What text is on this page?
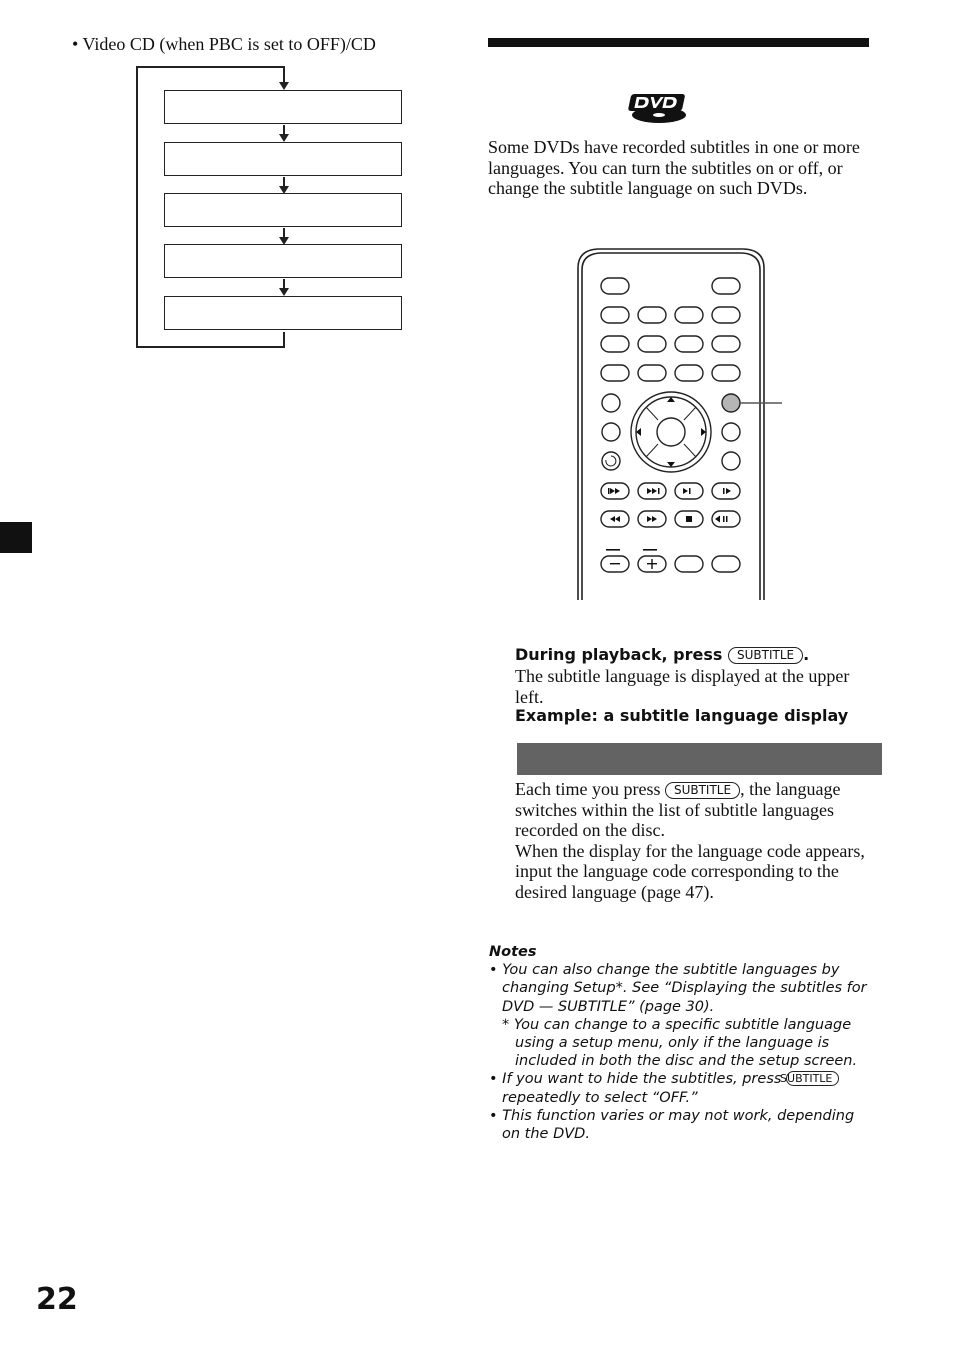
• Video CD (when PBC is set to OFF)/CD
22
Some DVDs have recorded subtitles in one or more languages. You can turn the subtitles on or off, or change the subtitle language on such DVDs.
During playback, press SUBTITLE .
The subtitle language is displayed at the upper left.
Example: a subtitle language display
Each time you press SUBTITLE , the language switches within the list of subtitle languages recorded on the disc.
When the display for the language code appears, input the language code corresponding to the desired language (page 47).
Notes
• You can also change the subtitle languages by changing Setup*. See “Displaying the subtitles for DVD — SUBTITLE” (page 30).
* You can change to a specific subtitle language using a setup menu, only if the language is included in both the disc and the setup screen.
• If you want to hide the subtitles, press SUBTITLE repeatedly to select “OFF.”
• This function varies or may not work, depending on the DVD.
